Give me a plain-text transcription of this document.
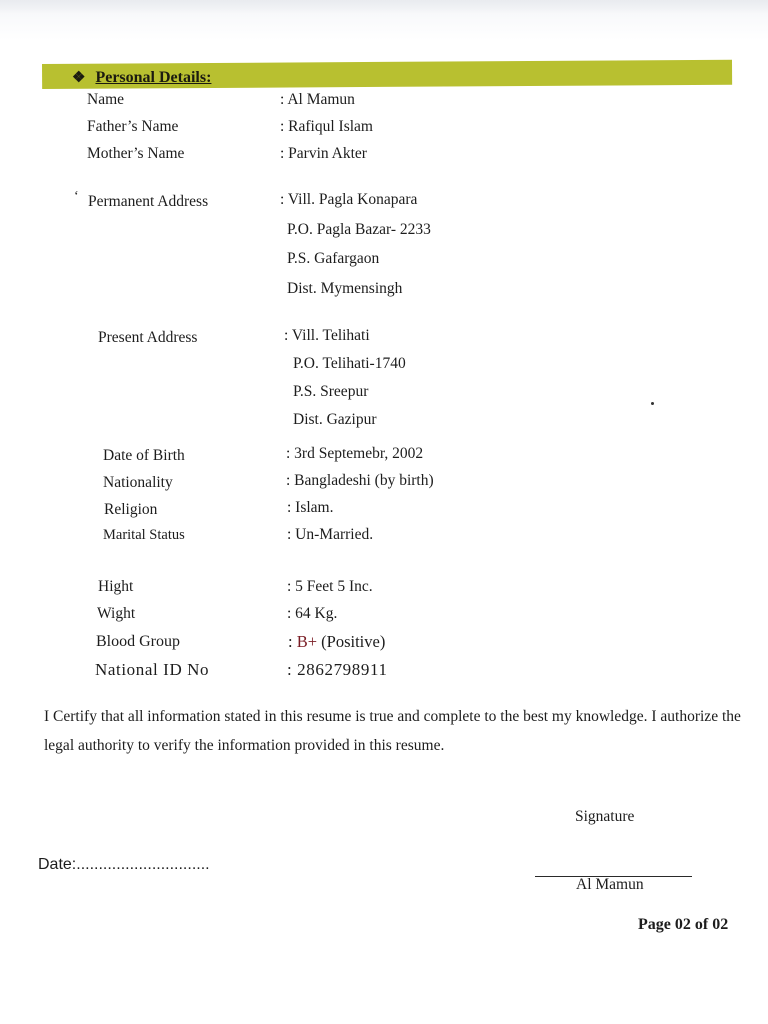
❖ Personal Details:
Name	: Al Mamun
Father’s Name	: Rafiqul Islam
Mother’s Name	: Parvin Akter
‘ Permanent Address	: Vill. Pagla Konapara
P.O. Pagla Bazar- 2233
P.S. Gafargaon
Dist. Mymensingh
Present Address	: Vill. Telihati
P.O. Telihati-1740
P.S. Sreepur
Dist. Gazipur
Date of Birth	: 3rd Septemebr, 2002
Nationality	: Bangladeshi (by birth)
Religion	: Islam.
Marital Status	: Un-Married.
Hight	: 5 Feet 5 Inc.
Wight	: 64 Kg.
Blood Group	: B+ (Positive)
National ID No	: 2862798911
I Certify that all information stated in this resume is true and complete to the best my knowledge. I authorize the legal authority to verify the information provided in this resume.
Signature
Al Mamun
Date:..............................
Page 02 of 02
